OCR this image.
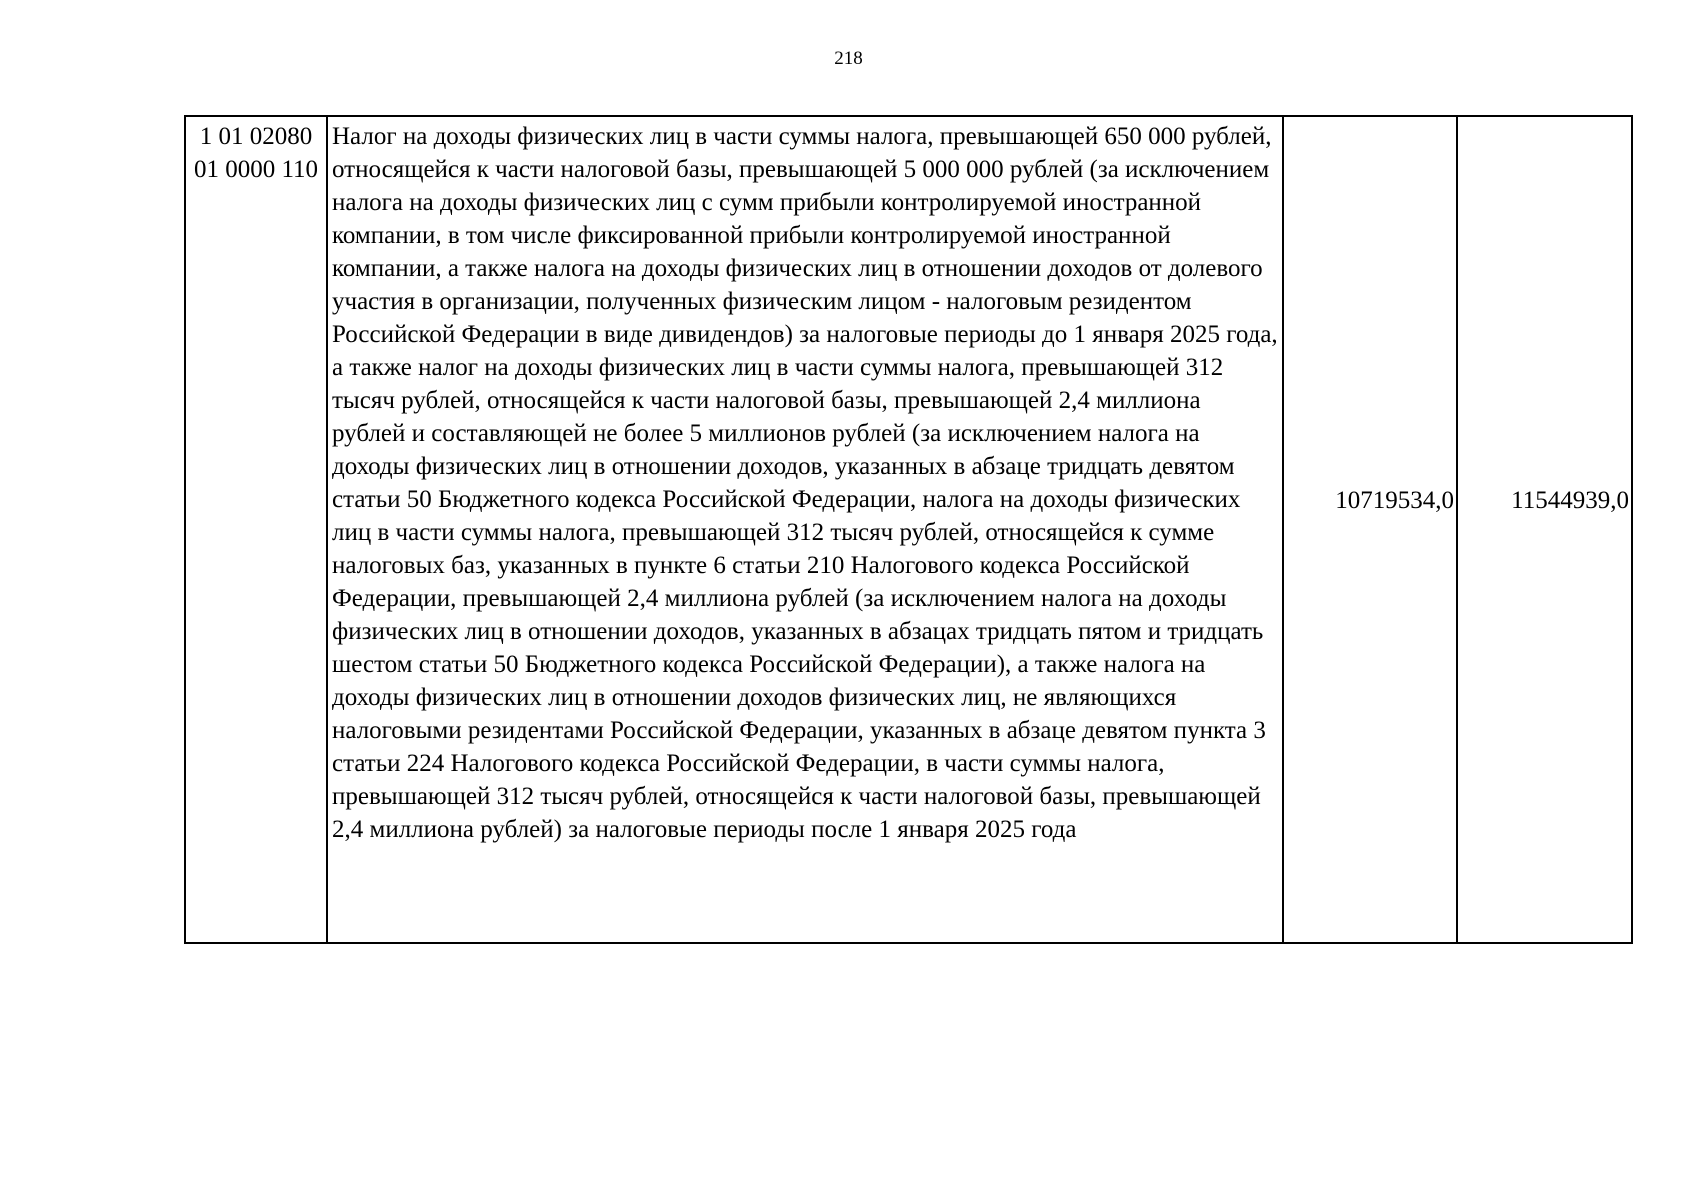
218
1 01 02080
01 0000 110
	Налог на доходы физических лиц в части суммы налога, превышающей 650 000 рублей, относящейся к части налоговой базы, превышающей 5 000 000 рублей (за исключением налога на доходы физических лиц с сумм прибыли контролируемой иностранной компании, в том числе фиксированной прибыли контролируемой иностранной компании, а также налога на доходы физических лиц в отношении доходов от долевого участия в организации, полученных физическим лицом - налоговым резидентом Российской Федерации в виде дивидендов) за налоговые периоды до 1 января 2025 года, а также налог на доходы физических лиц в части суммы налога, превышающей 312 тысяч рублей, относящейся к части налоговой базы, превышающей 2,4 миллиона рублей и составляющей не более 5 миллионов рублей (за исключением налога на доходы физических лиц в отношении доходов, указанных в абзаце тридцать девятом статьи 50 Бюджетного кодекса Российской Федерации, налога на доходы физических лиц в части суммы налога, превышающей 312 тысяч рублей, относящейся к сумме налоговых баз, указанных в пункте 6 статьи 210 Налогового кодекса Российской Федерации, превышающей 2,4 миллиона рублей (за исключением налога на доходы физических лиц в отношении доходов, указанных в абзацах тридцать пятом и тридцать шестом статьи 50 Бюджетного кодекса Российской Федерации), а также налога на доходы физических лиц в отношении доходов физических лиц, не являющихся налоговыми резидентами Российской Федерации, указанных в абзаце девятом пункта 3 статьи 224 Налогового кодекса Российской Федерации, в части суммы налога, превышающей 312 тысяч рублей, относящейся к части налоговой базы, превышающей 2,4 миллиона рублей) за налоговые периоды после 1 января 2025 года	10719534,0	11544939,0
